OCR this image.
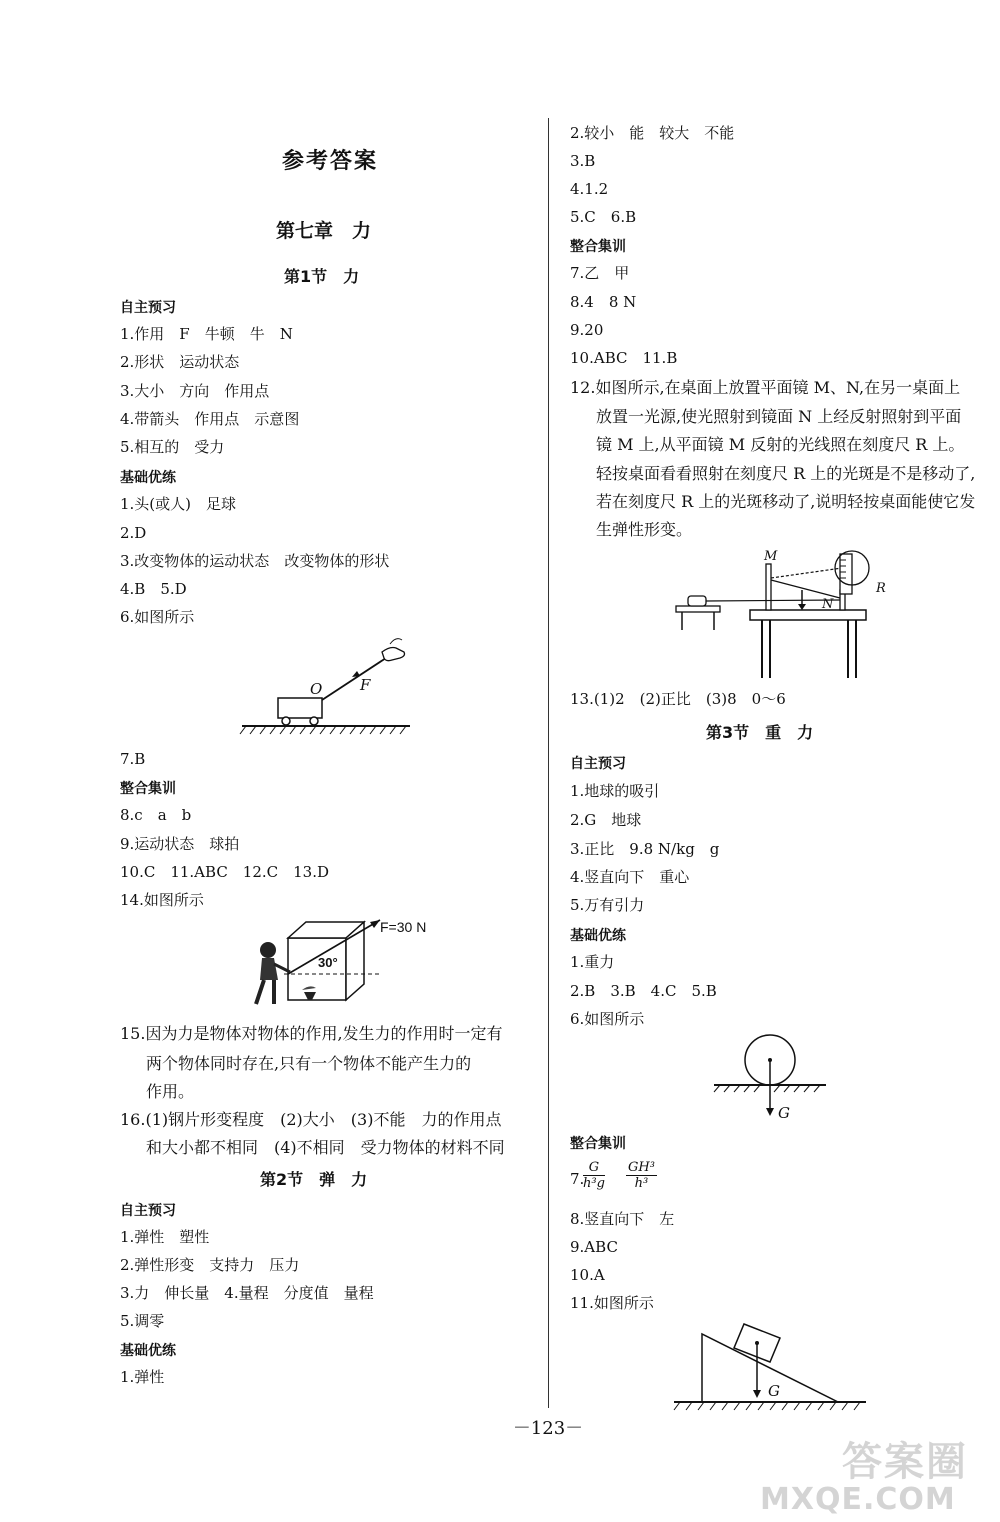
参考答案
第七章　力
第1节　力
自主预习
1.作用　F　牛顿　牛　N
2.形状　运动状态
3.大小　方向　作用点
4.带箭头　作用点　示意图
5.相互的　受力
基础优练
1.头(或人)　足球
2.D
3.改变物体的运动状态　改变物体的形状
4.B　5.D
6.如图所示
O	F
7.B
整合集训
8.c　a　b
9.运动状态　球拍
10.C　11.ABC　12.C　13.D
14.如图所示
F=30 N
30°
15.因为力是物体对物体的作用,发生力的作用时一定有
两个物体同时存在,只有一个物体不能产生力的
作用。
16.(1)钢片形变程度　(2)大小　(3)不能　力的作用点
和大小都不相同　(4)不相同　受力物体的材料不同
第2节　弹　力
自主预习
1.弹性　塑性
2.弹性形变　支持力　压力
3.力　伸长量　4.量程　分度值　量程
5.调零
基础优练
1.弹性
2.较小　能　较大　不能
3.B
4.1.2
5.C　6.B
整合集训
7.乙　甲
8.4　8 N
9.20
10.ABC　11.B
12.如图所示,在桌面上放置平面镜 M、N,在另一桌面上
放置一光源,使光照射到镜面 N 上经反射照射到平面
镜 M 上,从平面镜 M 反射的光线照在刻度尺 R 上。
轻按桌面看看照射在刻度尺 R 上的光斑是不是移动了,
若在刻度尺 R 上的光斑移动了,说明轻按桌面能使它发
生弹性形变。
M
N
R
13.(1)2　(2)正比　(3)8　0～6
第3节　重　力
自主预习
1.地球的吸引
2.G　地球
3.正比　9.8 N/kg　g
4.竖直向下　重心
5.万有引力
基础优练
1.重力
2.B　3.B　4.C　5.B
6.如图所示
G
整合集训
7.
$\frac{G}{\text{h³g}} \frac{\text{GH³}}{\text{h³}}$
8.竖直向下　左
9.ABC
10.A
11.如图所示
G
－123－
答案圈
MXQE.COM
